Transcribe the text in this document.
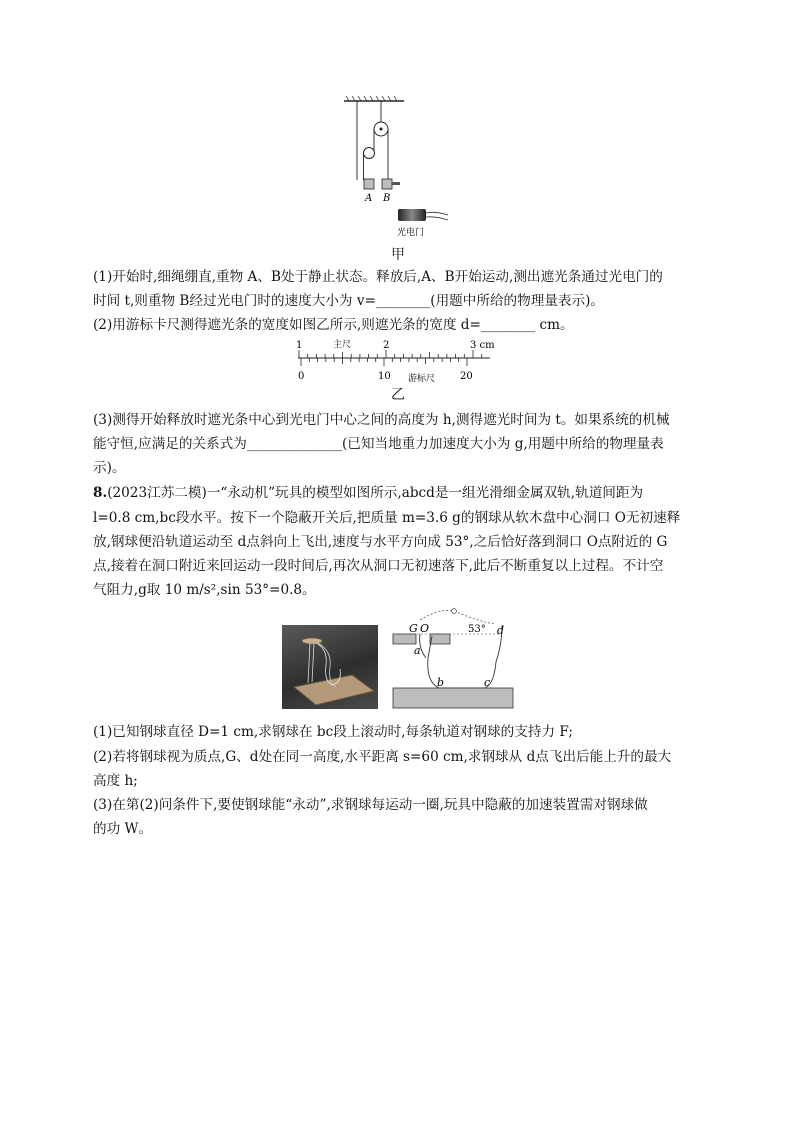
A B
光电门
甲
(1)开始时,细绳绷直,重物 A、B处于静止状态。释放后,A、B开始运动,测出遮光条通过光电门的
时间 t,则重物 B经过光电门时的速度大小为 v=________(用题中所给的物理量表示)。
(2)用游标卡尺测得遮光条的宽度如图乙所示,则遮光条的宽度 d=________ cm。
1	2	3 cm
主尺
0	10	20
游标尺
乙
(3)测得开始释放时遮光条中心到光电门中心之间的高度为 h,测得遮光时间为 t。如果系统的机械
能守恒,应满足的关系式为______________(已知当地重力加速度大小为 g,用题中所给的物理量表
示)。
8.(2023江苏二模)一“永动机”玩具的模型如图所示,abcd是一组光滑细金属双轨,轨道间距为
l=0.8 cm,bc段水平。按下一个隐蔽开关后,把质量 m=3.6 g的钢球从软木盘中心洞口 O无初速释
放,钢球便沿轨道运动至 d点斜向上飞出,速度与水平方向成 53°,之后恰好落到洞口 O点附近的 G
点,接着在洞口附近来回运动一段时间后,再次从洞口无初速落下,此后不断重复以上过程。不计空
气阻力,g取 10 m/s²,sin 53°=0.8。
G O	53° d
a
b	c
(1)已知钢球直径 D=1 cm,求钢球在 bc段上滚动时,每条轨道对钢球的支持力 F;
(2)若将钢球视为质点,G、d处在同一高度,水平距离 s=60 cm,求钢球从 d点飞出后能上升的最大
高度 h;
(3)在第(2)问条件下,要使钢球能“永动”,求钢球每运动一圈,玩具中隐蔽的加速装置需对钢球做
的功 W。
